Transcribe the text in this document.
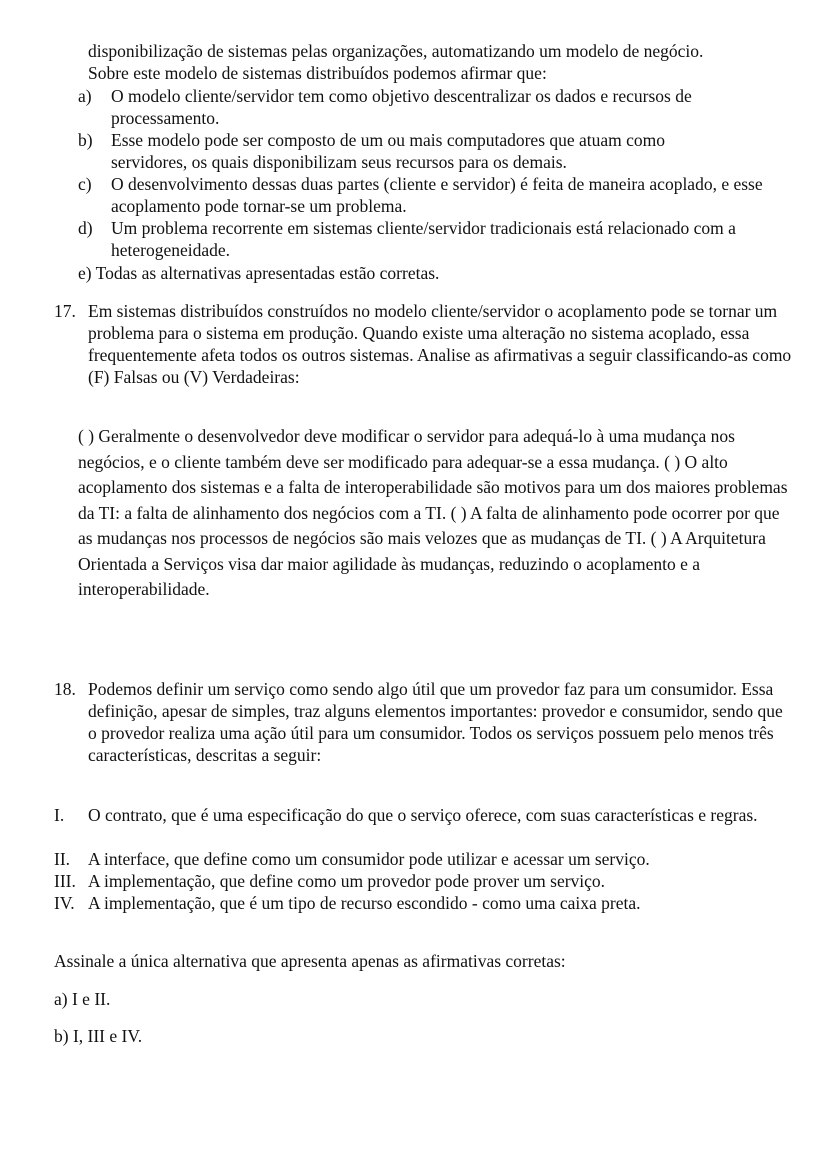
disponibilização de sistemas pelas organizações, automatizando um modelo de negócio.
Sobre este modelo de sistemas distribuídos podemos afirmar que:
a) O modelo cliente/servidor tem como objetivo descentralizar os dados e recursos de processamento.
b) Esse modelo pode ser composto de um ou mais computadores que atuam como servidores, os quais disponibilizam seus recursos para os demais.
c) O desenvolvimento dessas duas partes (cliente e servidor) é feita de maneira acoplado, e esse acoplamento pode tornar-se um problema.
d) Um problema recorrente em sistemas cliente/servidor tradicionais está relacionado com a heterogeneidade.
e) Todas as alternativas apresentadas estão corretas.
17. Em sistemas distribuídos construídos no modelo cliente/servidor o acoplamento pode se tornar um problema para o sistema em produção. Quando existe uma alteração no sistema acoplado, essa frequentemente afeta todos os outros sistemas. Analise as afirmativas a seguir classificando-as como (F) Falsas ou (V) Verdadeiras:
( ) Geralmente o desenvolvedor deve modificar o servidor para adequá-lo à uma mudança nos negócios, e o cliente também deve ser modificado para adequar-se a essa mudança. ( ) O alto acoplamento dos sistemas e a falta de interoperabilidade são motivos para um dos maiores problemas da TI: a falta de alinhamento dos negócios com a TI. ( ) A falta de alinhamento pode ocorrer por que as mudanças nos processos de negócios são mais velozes que as mudanças de TI. ( ) A Arquitetura Orientada a Serviços visa dar maior agilidade às mudanças, reduzindo o acoplamento e a interoperabilidade.
18. Podemos definir um serviço como sendo algo útil que um provedor faz para um consumidor. Essa definição, apesar de simples, traz alguns elementos importantes: provedor e consumidor, sendo que o provedor realiza uma ação útil para um consumidor. Todos os serviços possuem pelo menos três características, descritas a seguir:
I. O contrato, que é uma especificação do que o serviço oferece, com suas características e regras.
II. A interface, que define como um consumidor pode utilizar e acessar um serviço.
III. A implementação, que define como um provedor pode prover um serviço.
IV. A implementação, que é um tipo de recurso escondido - como uma caixa preta.
Assinale a única alternativa que apresenta apenas as afirmativas corretas:
a) I e II.
b) I, III e IV.
